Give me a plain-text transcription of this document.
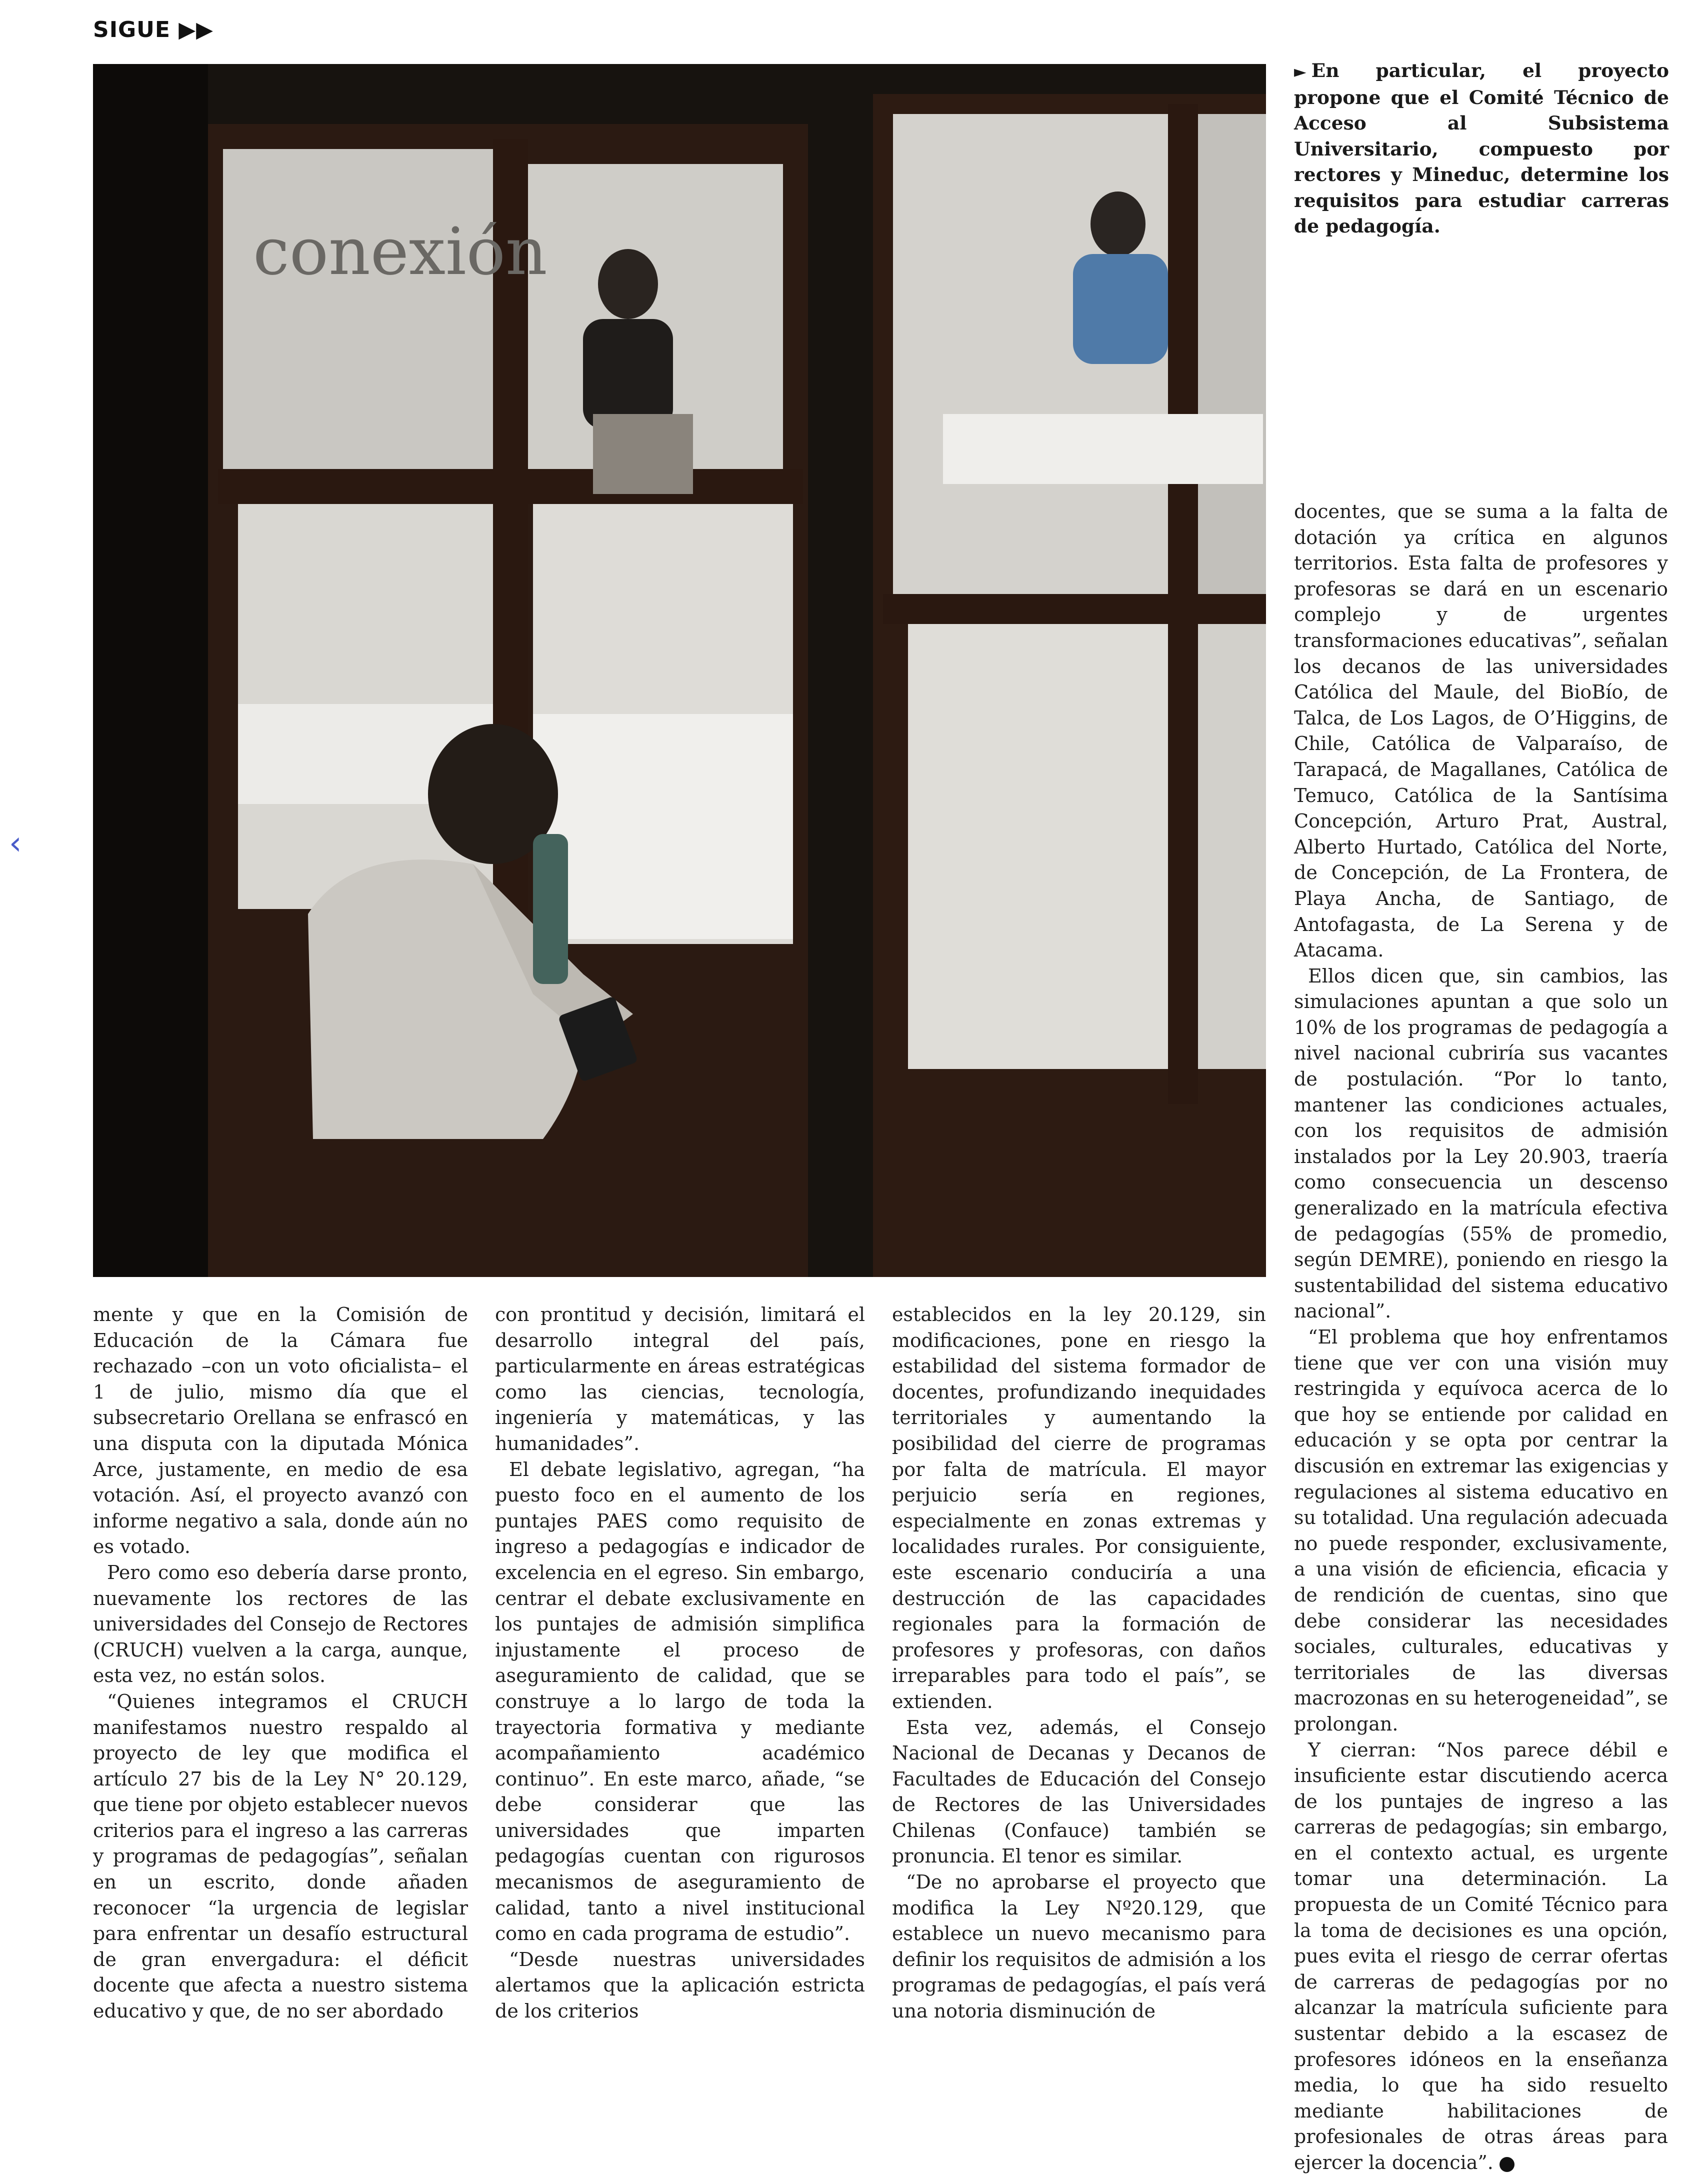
SIGUE ▶▶
‹
conexión
► En particular, el proyecto propone que el Comité Técnico de Acceso al Subsistema Universitario, compuesto por rectores y Mineduc, determine los requisitos para estudiar carreras de pedagogía.

mente y que en la Comisión de Educación de la Cámara fue rechazado –con un voto oficialista– el 1 de julio, mismo día que el subsecretario Orellana se enfrascó en una disputa con la diputada Mónica Arce, justamente, en medio de esa votación. Así, el proyecto avanzó con informe negativo a sala, donde aún no es votado.

Pero como eso debería darse pronto, nuevamente los rectores de las universidades del Consejo de Rectores (CRUCH) vuelven a la carga, aunque, esta vez, no están solos.

“Quienes integramos el CRUCH manifestamos nuestro respaldo al proyecto de ley que modifica el artículo 27 bis de la Ley N° 20.129, que tiene por objeto establecer nuevos criterios para el ingreso a las carreras y programas de pedagogías”, señalan en un escrito, donde añaden reconocer “la urgencia de legislar para enfrentar un desafío estructural de gran envergadura: el déficit docente que afecta a nuestro sistema educativo y que, de no ser abordado

con prontitud y decisión, limitará el desarrollo integral del país, particularmente en áreas estratégicas como las ciencias, tecnología, ingeniería y matemáticas, y las humanidades”.

El debate legislativo, agregan, “ha puesto foco en el aumento de los puntajes PAES como requisito de ingreso a pedagogías e indicador de excelencia en el egreso. Sin embargo, centrar el debate exclusivamente en los puntajes de admisión simplifica injustamente el proceso de aseguramiento de calidad, que se construye a lo largo de toda la trayectoria formativa y mediante acompañamiento académico continuo”. En este marco, añade, “se debe considerar que las universidades que imparten pedagogías cuentan con rigurosos mecanismos de aseguramiento de calidad, tanto a nivel institucional como en cada programa de estudio”.

“Desde nuestras universidades alertamos que la aplicación estricta de los criterios

establecidos en la ley 20.129, sin modificaciones, pone en riesgo la estabilidad del sistema formador de docentes, profundizando inequidades territoriales y aumentando la posibilidad del cierre de programas por falta de matrícula. El mayor perjuicio sería en regiones, especialmente en zonas extremas y localidades rurales. Por consiguiente, este escenario conduciría a una destrucción de las capacidades regionales para la formación de profesores y profesoras, con daños irreparables para todo el país”, se extienden.

Esta vez, además, el Consejo Nacional de Decanas y Decanos de Facultades de Educación del Consejo de Rectores de las Universidades Chilenas (Confauce) también se pronuncia. El tenor es similar.

“De no aprobarse el proyecto que modifica la Ley Nº20.129, que establece un nuevo mecanismo para definir los requisitos de admisión a los programas de pedagogías, el país verá una notoria disminución de

docentes, que se suma a la falta de dotación ya crítica en algunos territorios. Esta falta de profesores y profesoras se dará en un escenario complejo y de urgentes transformaciones educativas”, señalan los decanos de las universidades Católica del Maule, del BioBío, de Talca, de Los Lagos, de O’Higgins, de Chile, Católica de Valparaíso, de Tarapacá, de Magallanes, Católica de Temuco, Católica de la Santísima Concepción, Arturo Prat, Austral, Alberto Hurtado, Católica del Norte, de Concepción, de La Frontera, de Playa Ancha, de Santiago, de Antofagasta, de La Serena y de Atacama.

Ellos dicen que, sin cambios, las simulaciones apuntan a que solo un 10% de los programas de pedagogía a nivel nacional cubriría sus vacantes de postulación. “Por lo tanto, mantener las condiciones actuales, con los requisitos de admisión instalados por la Ley 20.903, traería como consecuencia un descenso generalizado en la matrícula efectiva de pedagogías (55% de promedio, según DEMRE), poniendo en riesgo la sustentabilidad del sistema educativo nacional”.

“El problema que hoy enfrentamos tiene que ver con una visión muy restringida y equívoca acerca de lo que hoy se entiende por calidad en educación y se opta por centrar la discusión en extremar las exigencias y regulaciones al sistema educativo en su totalidad. Una regulación adecuada no puede responder, exclusivamente, a una visión de eficiencia, eficacia y de rendición de cuentas, sino que debe considerar las necesidades sociales, culturales, educativas y territoriales de las diversas macrozonas en su heterogeneidad”, se prolongan.

Y cierran: “Nos parece débil e insuficiente estar discutiendo acerca de los puntajes de ingreso a las carreras de pedagogías; sin embargo, en el contexto actual, es urgente tomar una determinación. La propuesta de un Comité Técnico para la toma de decisiones es una opción, pues evita el riesgo de cerrar ofertas de carreras de pedagogías por no alcanzar la matrícula suficiente para sustentar debido a la escasez de profesores idóneos en la enseñanza media, lo que ha sido resuelto mediante habilitaciones de profesionales de otras áreas para ejercer la docencia”.
